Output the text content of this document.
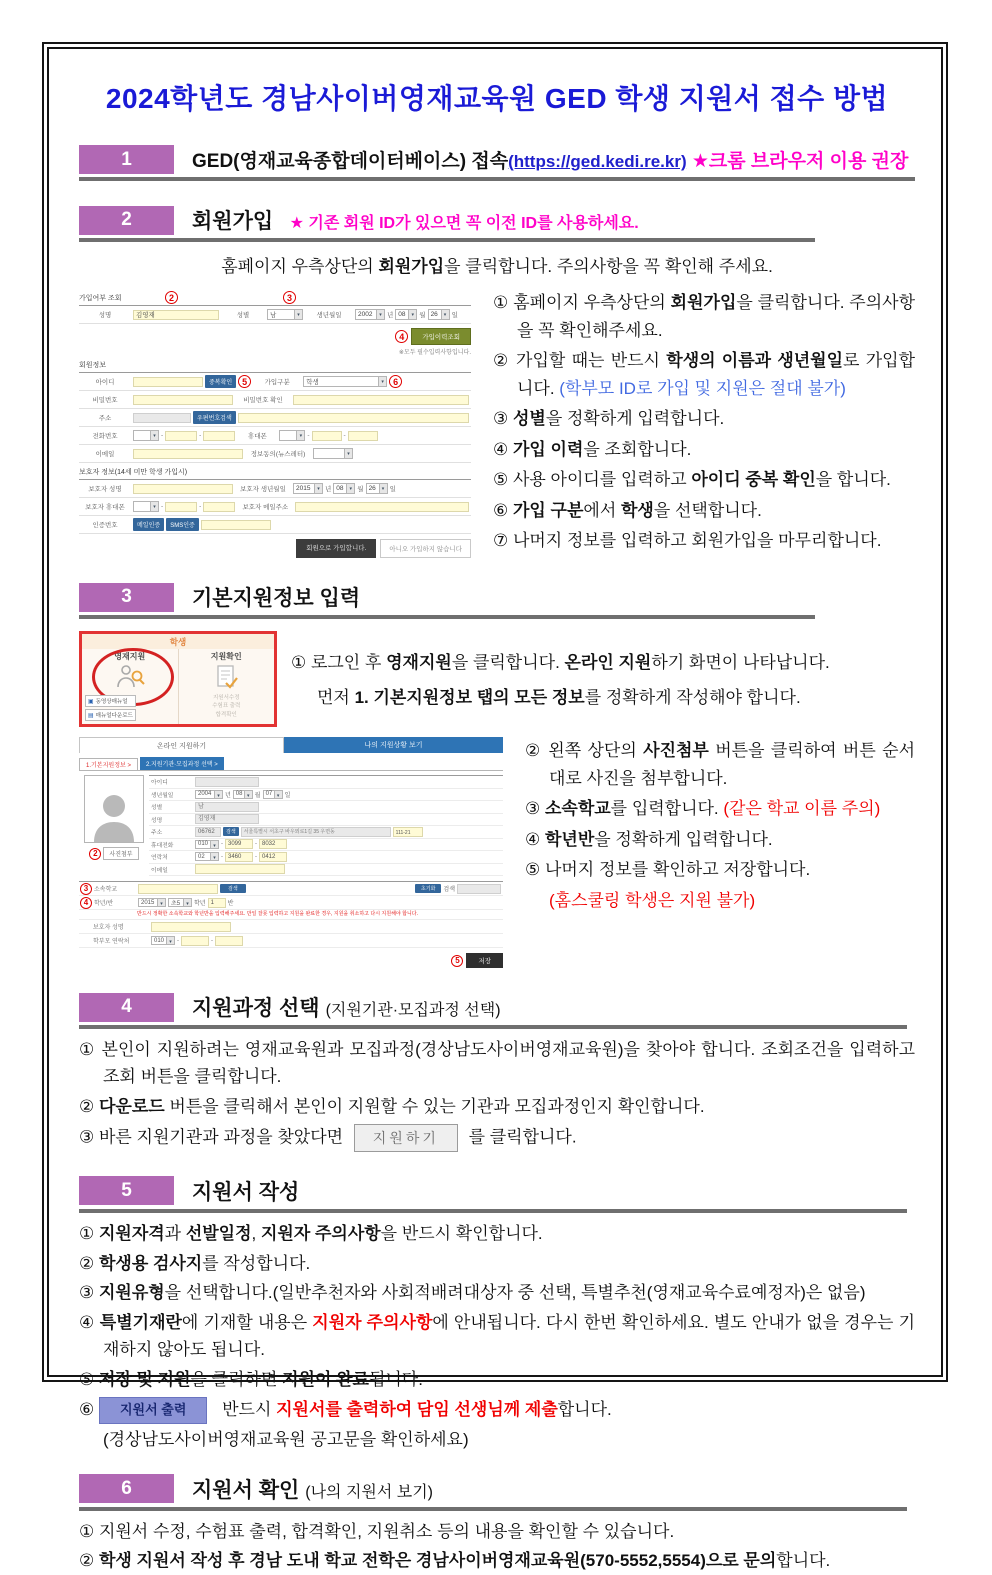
2024학년도 경남사이버영재교육원 GED 학생 지원서 접수 방법
1	GED(영재교육종합데이터베이스) 접속(https://ged.kedi.re.kr) ★크롬 브라우저 이용 권장
2	회원가입 ★ 기존 회원 ID가 있으면 꼭 이전 ID를 사용하세요.
홈페이지 우측상단의 회원가입을 클릭합니다. 주의사항을 꼭 확인해 주세요.
2	3
가입여부 조회
성명	김영재	성별	남	▾	생년월일	2002	▾ 년 08	▾ 월 26	▾ 일
4	가입이력조회
※모두 필수입력사항입니다.
회원정보
아이디	중복확인	5	가입구분	학생	▾	6
비밀번호	비밀번호 확인
주소	우편번호검색
전화번호	▾ -	-	휴대폰	▾ -	-
이메일	정보동의(뉴스레터)	▾
보호자 정보(14세 미만 학생 가입시)
보호자 성명	보호자 생년월일	2015	▾ 년 08	▾ 월 26	▾ 일
보호자 휴대폰	▾ -	-	보호자 메일주소
인증번호	메일인증	SMS인증
회원으로 가입합니다.	아니오 가입하지 않습니다
① 홈페이지 우측상단의 회원가입을 클릭합니다. 주의사항을 꼭 확인해주세요.
② 가입할 때는 반드시 학생의 이름과 생년월일로 가입합니다. (학부모 ID로 가입 및 지원은 절대 불가)
③ 성별을 정확하게 입력합니다.
④ 가입 이력을 조회합니다.
⑤ 사용 아이디를 입력하고 아이디 중복 확인을 합니다.
⑥ 가입 구분에서 학생을 선택합니다.
⑦ 나머지 정보를 입력하고 회원가입을 마무리합니다.
3	기본지원정보 입력
학생
영재지원
▣ 동영상매뉴얼
▤ 매뉴얼다운로드
지원확인
지원서수정
수험표 출력
합격확인
① 로그인 후 영재지원을 클릭합니다. 온라인 지원하기 화면이 나타납니다.
먼저 1. 기본지원정보 탭의 모든 정보를 정확하게 작성해야 합니다.
온라인 지원하기	나의 지원상황 보기
1.기본지원정보 >	2.지원기관·모집과정 선택 >
2	사진첨부
아이디
생년월일	2004	▾ 년 08 ▾ 월 07 ▾ 일
성별	남
성명	김영재
주소	06762	검색	서울특별시 서초구 바우뫼로1길 35 우면동	111-21
휴대전화	010	▾ - 3099	- 8032
연락처	02	▾ - 3460	- 0412
이메일
3 소속학교	검색	초기화	검색
4 학년/반	2015	▾	초5	▾ 학년 1	반
반드시 정확한 소속학교와 학년반을 입력해주세요. 만일 잘못 입력하고 지원을 완료한 경우, 지원을 취소하고 다시 지원해야 합니다.
보호자 성명
학부모 연락처	010	▾ -	-
5	저장
② 왼쪽 상단의 사진첨부 버튼을 클릭하여 버튼 순서대로 사진을 첨부합니다.
③ 소속학교를 입력합니다. (같은 학교 이름 주의)
④ 학년반을 정확하게 입력합니다.
⑤ 나머지 정보를 확인하고 저장합니다.
(홈스쿨링 학생은 지원 불가)
4	지원과정 선택 (지원기관·모집과정 선택)
① 본인이 지원하려는 영재교육원과 모집과정(경상남도사이버영재교육원)을 찾아야 합니다. 조회조건을 입력하고 조회 버튼을 클릭합니다.
② 다운로드 버튼을 클릭해서 본인이 지원할 수 있는 기관과 모집과정인지 확인합니다.
③ 바른 지원기관과 과정을 찾았다면 지원하기 를 클릭합니다.
5	지원서 작성
① 지원자격과 선발일정, 지원자 주의사항을 반드시 확인합니다.
② 학생용 검사지를 작성합니다.
③ 지원유형을 선택합니다.(일반추천자와 사회적배려대상자 중 선택, 특별추천(영재교육수료예정자)은 없음)
④ 특별기재란에 기재할 내용은 지원자 주의사항에 안내됩니다. 다시 한번 확인하세요. 별도 안내가 없을 경우는 기재하지 않아도 됩니다.
⑤ 저장 및 지원을 클릭하면 지원이 완료됩니다.
⑥ 지원서 출력 반드시 지원서를 출력하여 담임 선생님께 제출합니다.
(경상남도사이버영재교육원 공고문을 확인하세요)
6	지원서 확인 (나의 지원서 보기)
① 지원서 수정, 수험표 출력, 합격확인, 지원취소 등의 내용을 확인할 수 있습니다.
② 학생 지원서 작성 후 경남 도내 학교 전학은 경남사이버영재교육원(570-5552,5554)으로 문의합니다.
